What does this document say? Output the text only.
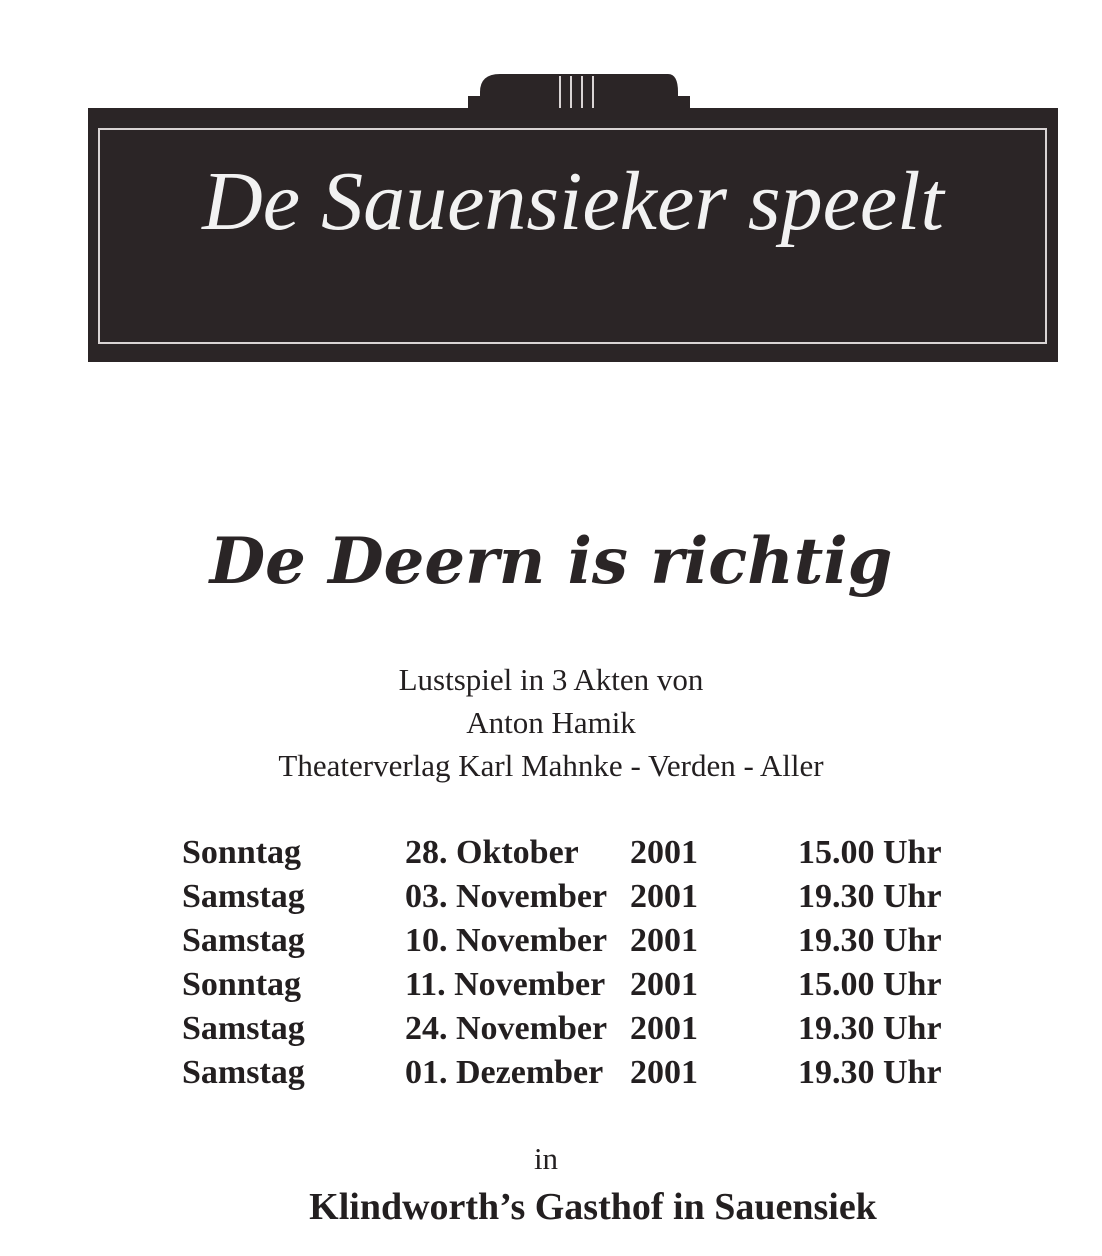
De Sauensieker speelt
De Deern is richtig
Lustspiel in 3 Akten von
Anton Hamik
Theaterverlag Karl Mahnke - Verden - Aller
Sonntag	28. Oktober 2001	15.00 Uhr
Samstag	03. November 2001	19.30 Uhr
Samstag	10. November 2001	19.30 Uhr
Sonntag	11. November 2001	15.00 Uhr
Samstag	24. November 2001	19.30 Uhr
Samstag	01. Dezember 2001	19.30 Uhr
in
Klindworth’s Gasthof in Sauensiek
